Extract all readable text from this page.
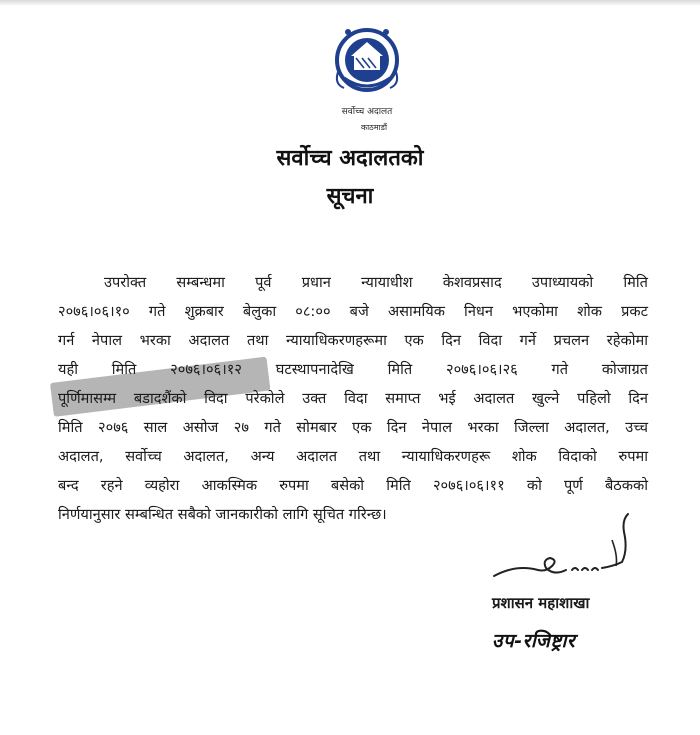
सर्वोच्च अदालत
काठमाडौं
सर्वोच्च अदालतको
सूचना
उपरोक्त सम्बन्धमा पूर्व प्रधान न्यायाधीश केशवप्रसाद उपाध्यायको मिति
२०७६।०६।१० गते शुक्रबार बेलुका ०८:०० बजे असामयिक निधन भएकोमा शोक प्रकट
गर्न नेपाल भरका अदालत तथा न्यायाधिकरणहरूमा एक दिन विदा गर्ने प्रचलन रहेकोमा
यही मिति २०७६।०६।१२ घटस्थापनादेखि मिति २०७६।०६।२६ गते कोजाग्रत
पूर्णिमासम्म बडादशैंको विदा परेकोले उक्त विदा समाप्त भई अदालत खुल्ने पहिलो दिन
मिति २०७६ साल असोज २७ गते सोमबार एक दिन नेपाल भरका जिल्ला अदालत, उच्च
अदालत, सर्वोच्च अदालत, अन्य अदालत तथा न्यायाधिकरणहरू शोक विदाको रुपमा
बन्द रहने व्यहोरा आकस्मिक रुपमा बसेको मिति २०७६।०६।११ को पूर्ण बैठकको
निर्णयानुसार सम्बन्धित सबैको जानकारीको लागि सूचित गरिन्छ।
प्रशासन महाशाखा
उप-रजिष्ट्रार
